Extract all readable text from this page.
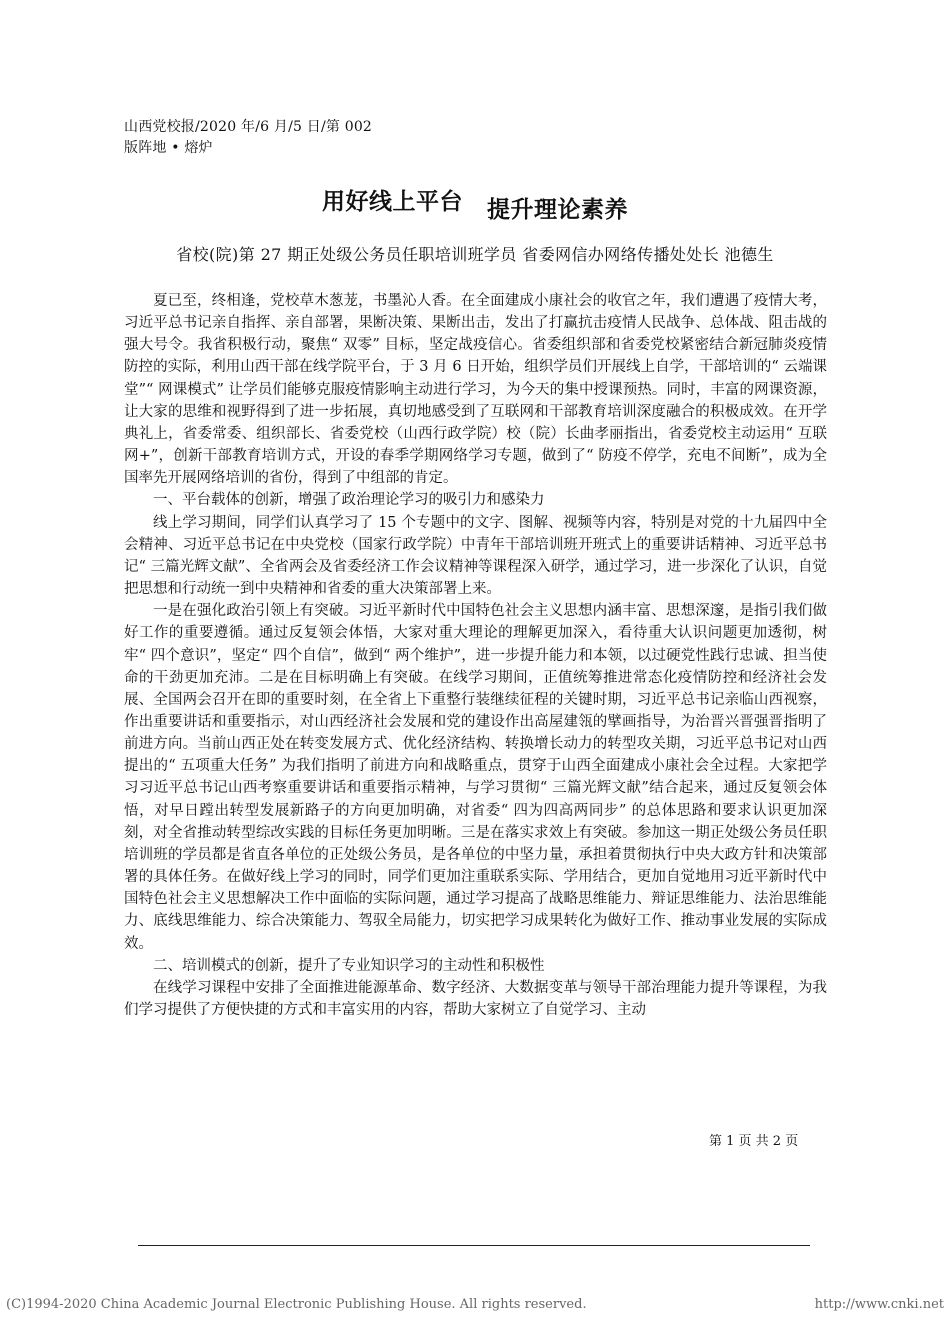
山西党校报/2020 年/6 月/5 日/第 002
版阵地 • 熔炉
用好线上平台 提升理论素养
省校(院)第 27 期正处级公务员任职培训班学员 省委网信办网络传播处处长 池德生

夏已至，终相逢，党校草木葱茏，书墨沁人香。在全面建成小康社会的收官之年，我们遭遇了疫情大考，习近平总书记亲自指挥、亲自部署，果断决策、果断出击，发出了打赢抗击疫情人民战争、总体战、阻击战的强大号令。我省积极行动，聚焦“ 双零” 目标，坚定战疫信心。省委组织部和省委党校紧密结合新冠肺炎疫情防控的实际，利用山西干部在线学院平台，于 3 月 6 日开始，组织学员们开展线上自学，干部培训的“ 云端课堂”“ 网课模式” 让学员们能够克服疫情影响主动进行学习，为今天的集中授课预热。同时，丰富的网课资源，让大家的思维和视野得到了进一步拓展，真切地感受到了互联网和干部教育培训深度融合的积极成效。在开学典礼上，省委常委、组织部长、省委党校（山西行政学院）校（院）长曲孝丽指出，省委党校主动运用“ 互联网+”，创新干部教育培训方式，开设的春季学期网络学习专题，做到了“ 防疫不停学，充电不间断”，成为全国率先开展网络培训的省份，得到了中组部的肯定。

一、平台载体的创新，增强了政治理论学习的吸引力和感染力

线上学习期间，同学们认真学习了 15 个专题中的文字、图解、视频等内容，特别是对党的十九届四中全会精神、习近平总书记在中央党校（国家行政学院）中青年干部培训班开班式上的重要讲话精神、习近平总书记“ 三篇光辉文献”、全省两会及省委经济工作会议精神等课程深入研学，通过学习，进一步深化了认识，自觉把思想和行动统一到中央精神和省委的重大决策部署上来。

一是在强化政治引领上有突破。习近平新时代中国特色社会主义思想内涵丰富、思想深邃，是指引我们做好工作的重要遵循。通过反复领会体悟，大家对重大理论的理解更加深入，看待重大认识问题更加透彻，树牢“ 四个意识”，坚定“ 四个自信”，做到“ 两个维护”，进一步提升能力和本领，以过硬党性践行忠诚、担当使命的干劲更加充沛。二是在目标明确上有突破。在线学习期间，正值统筹推进常态化疫情防控和经济社会发展、全国两会召开在即的重要时刻，在全省上下重整行装继续征程的关键时期，习近平总书记亲临山西视察，作出重要讲话和重要指示，对山西经济社会发展和党的建设作出高屋建瓴的擘画指导，为治晋兴晋强晋指明了前进方向。当前山西正处在转变发展方式、优化经济结构、转换增长动力的转型攻关期，习近平总书记对山西提出的“ 五项重大任务” 为我们指明了前进方向和战略重点，贯穿于山西全面建成小康社会全过程。大家把学习习近平总书记山西考察重要讲话和重要指示精神，与学习贯彻“ 三篇光辉文献”结合起来，通过反复领会体悟，对早日蹚出转型发展新路子的方向更加明确，对省委“ 四为四高两同步” 的总体思路和要求认识更加深刻，对全省推动转型综改实践的目标任务更加明晰。三是在落实求效上有突破。参加这一期正处级公务员任职培训班的学员都是省直各单位的正处级公务员，是各单位的中坚力量，承担着贯彻执行中央大政方针和决策部署的具体任务。在做好线上学习的同时，同学们更加注重联系实际、学用结合，更加自觉地用习近平新时代中国特色社会主义思想解决工作中面临的实际问题，通过学习提高了战略思维能力、辩证思维能力、法治思维能力、底线思维能力、综合决策能力、驾驭全局能力，切实把学习成果转化为做好工作、推动事业发展的实际成效。

二、培训模式的创新，提升了专业知识学习的主动性和积极性

在线学习课程中安排了全面推进能源革命、数字经济、大数据变革与领导干部治理能力提升等课程，为我们学习提供了方便快捷的方式和丰富实用的内容，帮助大家树立了自觉学习、主动

第 1 页 共 2 页
(C)1994-2020 China Academic Journal Electronic Publishing House. All rights reserved.	http://www.cnki.net
